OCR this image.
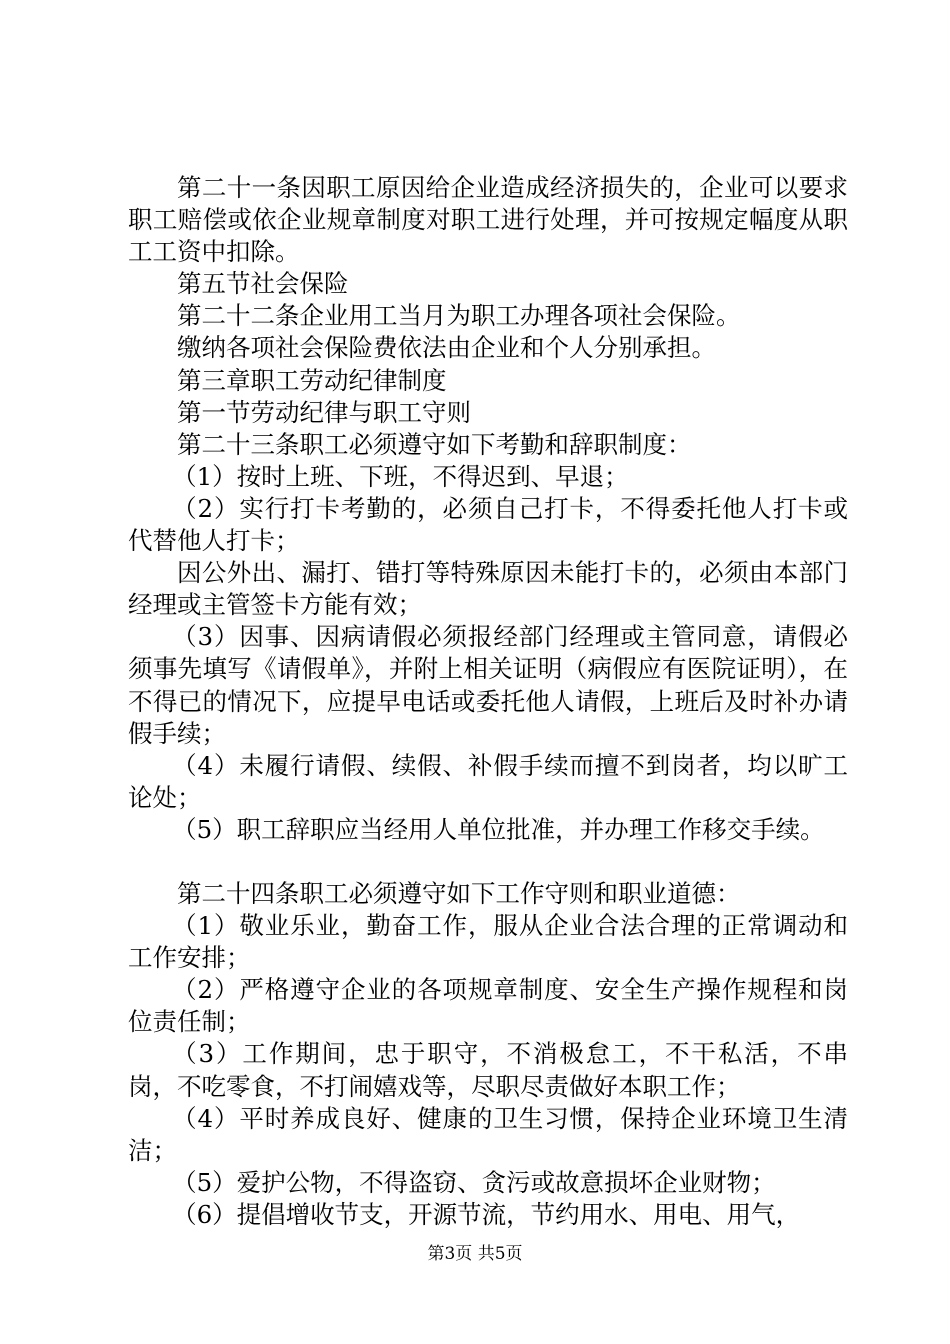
第二十一条因职工原因给企业造成经济损失的，企业可以要求职工赔偿或依企业规章制度对职工进行处理，并可按规定幅度从职工工资中扣除。

第五节社会保险

第二十二条企业用工当月为职工办理各项社会保险。

缴纳各项社会保险费依法由企业和个人分别承担。

第三章职工劳动纪律制度

第一节劳动纪律与职工守则

第二十三条职工必须遵守如下考勤和辞职制度：

（1）按时上班、下班，不得迟到、早退；

（2）实行打卡考勤的，必须自己打卡，不得委托他人打卡或代替他人打卡；

因公外出、漏打、错打等特殊原因未能打卡的，必须由本部门经理或主管签卡方能有效；

（3）因事、因病请假必须报经部门经理或主管同意，请假必须事先填写《请假单》，并附上相关证明（病假应有医院证明），在不得已的情况下，应提早电话或委托他人请假，上班后及时补办请假手续；

（4）未履行请假、续假、补假手续而擅不到岗者，均以旷工论处；

（5）职工辞职应当经用人单位批准，并办理工作移交手续。

第二十四条职工必须遵守如下工作守则和职业道德：

（1）敬业乐业，勤奋工作，服从企业合法合理的正常调动和工作安排；

（2）严格遵守企业的各项规章制度、安全生产操作规程和岗位责任制；

（3）工作期间，忠于职守，不消极怠工，不干私活，不串岗，不吃零食，不打闹嬉戏等，尽职尽责做好本职工作；

（4）平时养成良好、健康的卫生习惯，保持企业环境卫生清洁；

（5）爱护公物，不得盗窃、贪污或故意损坏企业财物；

（6）提倡增收节支，开源节流，节约用水、用电、用气，

第3页 共5页
